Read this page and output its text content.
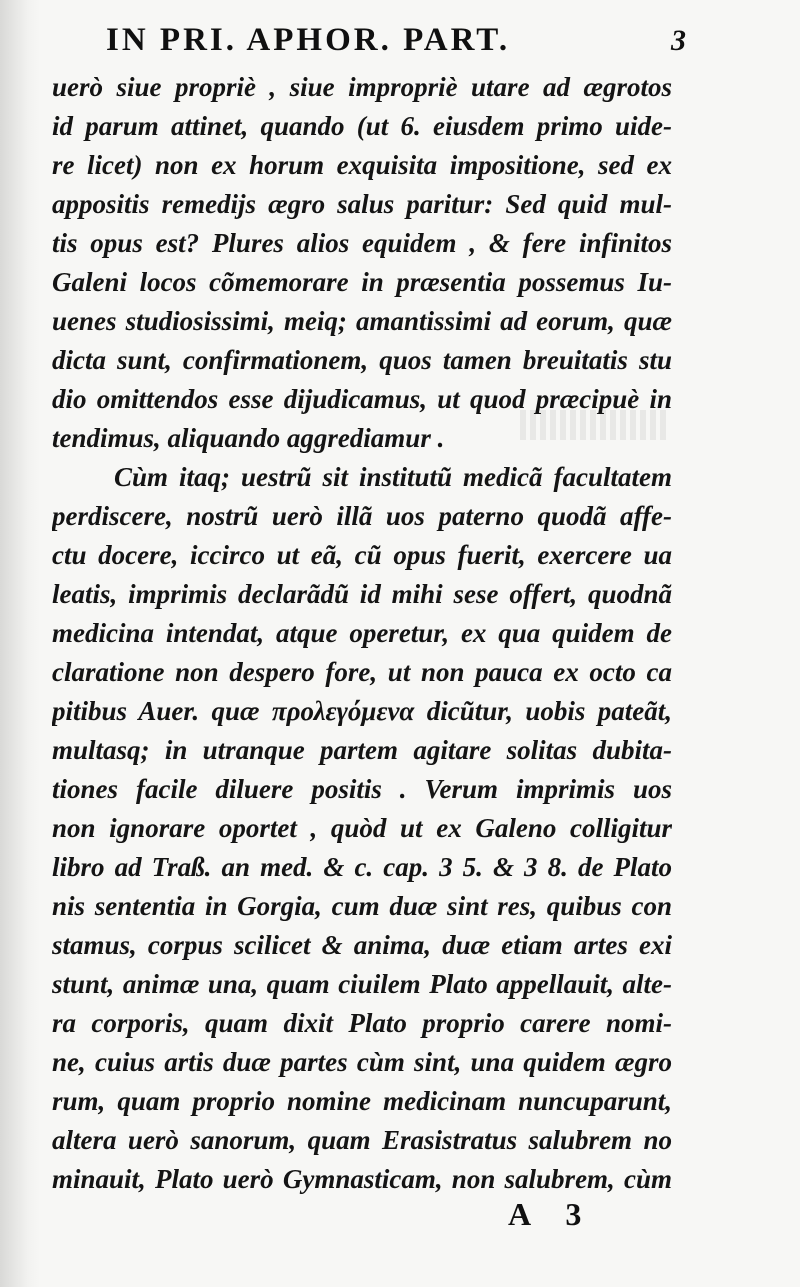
IN PRI. APHOR. PART.	3
uerò siue propriè , siue impropriè utare ad ægrotos
id parum attinet, quando (ut 6. eiusdem primo uide-
re licet) non ex horum exquisita impositione, sed ex
appositis remedijs ægro salus paritur: Sed quid mul-
tis opus est? Plures alios equidem , & fere infinitos
Galeni locos cõmemorare in præsentia possemus Iu-
uenes studiosissimi, meiq; amantissimi ad eorum, quæ
dicta sunt, confirmationem, quos tamen breuitatis stu
dio omittendos esse dijudicamus, ut quod præcipuè in
tendimus, aliquando aggrediamur .
Cùm itaq; uestrũ sit institutũ medicã facultatem
perdiscere, nostrũ uerò illã uos paterno quodã affe-
ctu docere, iccirco ut eã, cũ opus fuerit, exercere ua
leatis, imprimis declarãdũ id mihi sese offert, quodnã
medicina intendat, atque operetur, ex qua quidem de
claratione non despero fore, ut non pauca ex octo ca
pitibus Auer. quæ προλεγόμενα dicũtur, uobis pateãt,
multasq; in utranque partem agitare solitas dubita-
tiones facile diluere positis . Verum imprimis uos
non ignorare oportet , quòd ut ex Galeno colligitur
libro ad Traß. an med. & c. cap. 3 5. & 3 8. de Plato
nis sententia in Gorgia, cum duæ sint res, quibus con
stamus, corpus scilicet & anima, duæ etiam artes exi
stunt, animæ una, quam ciuilem Plato appellauit, alte-
ra corporis, quam dixit Plato proprio carere nomi-
ne, cuius artis duæ partes cùm sint, una quidem ægro
rum, quam proprio nomine medicinam nuncuparunt,
altera uerò sanorum, quam Erasistratus salubrem no
minauit, Plato uerò Gymnasticam, non salubrem, cùm
A 3
